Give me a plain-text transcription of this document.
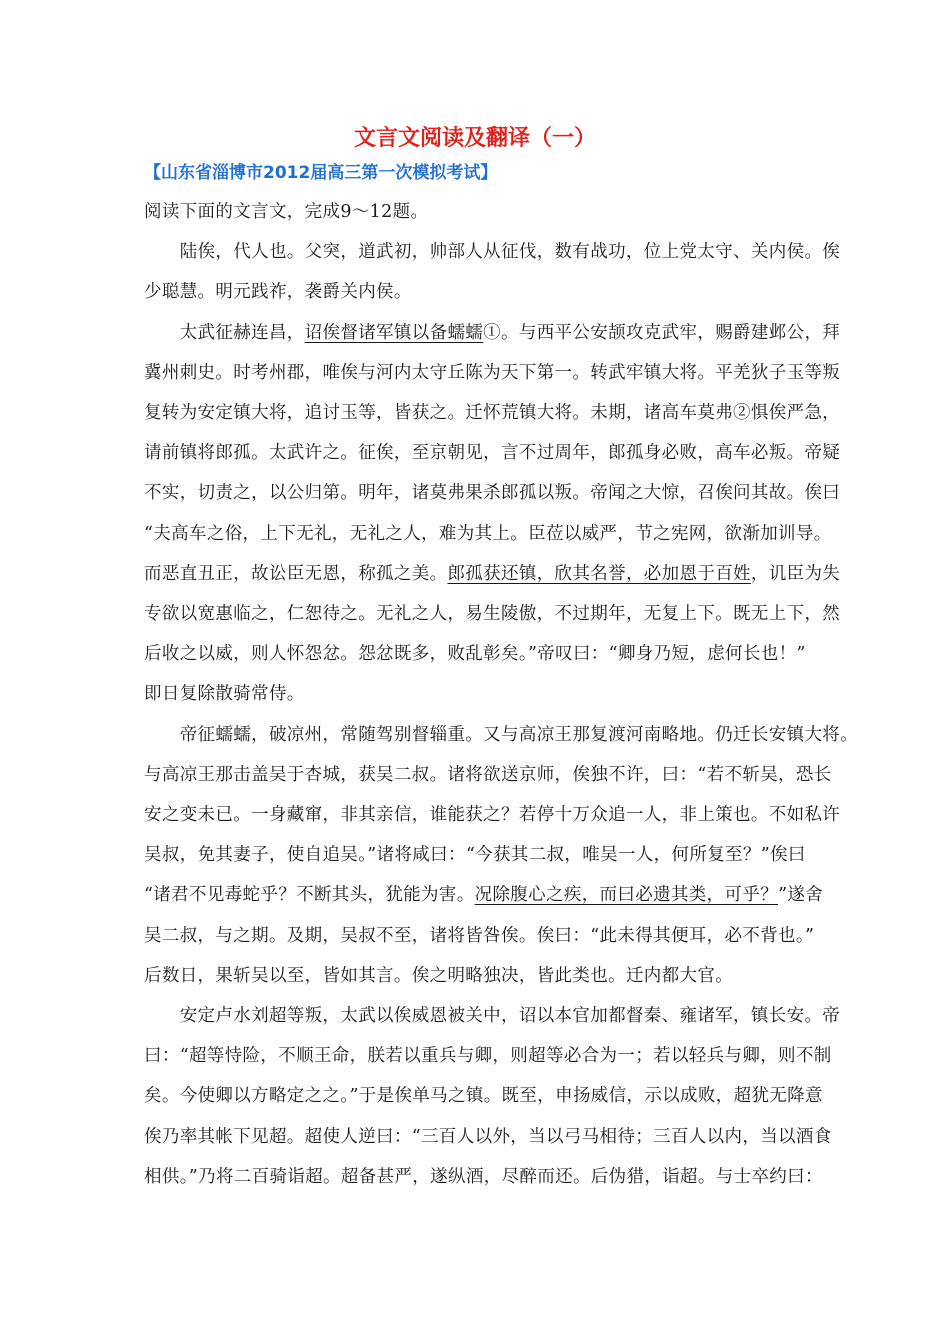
文言文阅读及翻译（一）
【山东省淄博市2012届高三第一次模拟考试】
阅读下面的文言文，完成9～12题。
　　陆俟，代人也。父突，道武初，帅部人从征伐，数有战功，位上党太守、关内侯。俟
少聪慧。明元践祚，袭爵关内侯。
　　太武征赫连昌，诏俟督诸军镇以备蠕蠕①。与西平公安颉攻克武牢，赐爵建邺公，拜
冀州刺史。时考州郡，唯俟与河内太守丘陈为天下第一。转武牢镇大将。平羌狄子玉等叛
复转为安定镇大将，追讨玉等，皆获之。迁怀荒镇大将。未期，诸高车莫弗②惧俟严急，
请前镇将郎孤。太武许之。征俟，至京朝见，言不过周年，郎孤身必败，高车必叛。帝疑
不实，切责之，以公归第。明年，诸莫弗果杀郎孤以叛。帝闻之大惊，召俟问其故。俟曰
“夫高车之俗，上下无礼，无礼之人，难为其上。臣莅以威严，节之宪网，欲渐加训导。
而恶直丑正，故讼臣无恩，称孤之美。郎孤获还镇，欣其名誉，必加恩于百姓，讥臣为失
专欲以宽惠临之，仁恕待之。无礼之人，易生陵傲，不过期年，无复上下。既无上下，然
后收之以威，则人怀怨忿。怨忿既多，败乱彰矣。”帝叹曰：“卿身乃短，虑何长也！”
即日复除散骑常侍。
　　帝征蠕蠕，破凉州，常随驾别督辎重。又与高凉王那复渡河南略地。仍迁长安镇大将。
与高凉王那击盖吴于杏城，获吴二叔。诸将欲送京师，俟独不许，曰：“若不斩吴，恐长
安之变未已。一身藏窜，非其亲信，谁能获之？若停十万众追一人，非上策也。不如私许
吴叔，免其妻子，使自追吴。”诸将咸曰：“今获其二叔，唯吴一人，何所复至？”俟曰
“诸君不见毒蛇乎？不断其头，犹能为害。况除腹心之疾，而曰必遗其类，可乎？”遂舍
吴二叔，与之期。及期，吴叔不至，诸将皆咎俟。俟曰：“此未得其便耳，必不背也。”
后数日，果斩吴以至，皆如其言。俟之明略独决，皆此类也。迁内都大官。
　　安定卢水刘超等叛，太武以俟威恩被关中，诏以本官加都督秦、雍诸军，镇长安。帝
曰：“超等恃险，不顺王命，朕若以重兵与卿，则超等必合为一；若以轻兵与卿，则不制
矣。今使卿以方略定之之。”于是俟单马之镇。既至，申扬威信，示以成败，超犹无降意
俟乃率其帐下见超。超使人逆曰：“三百人以外，当以弓马相待；三百人以内，当以酒食
相供。”乃将二百骑诣超。超备甚严，遂纵酒，尽醉而还。后伪猎，诣超。与士卒约曰：
